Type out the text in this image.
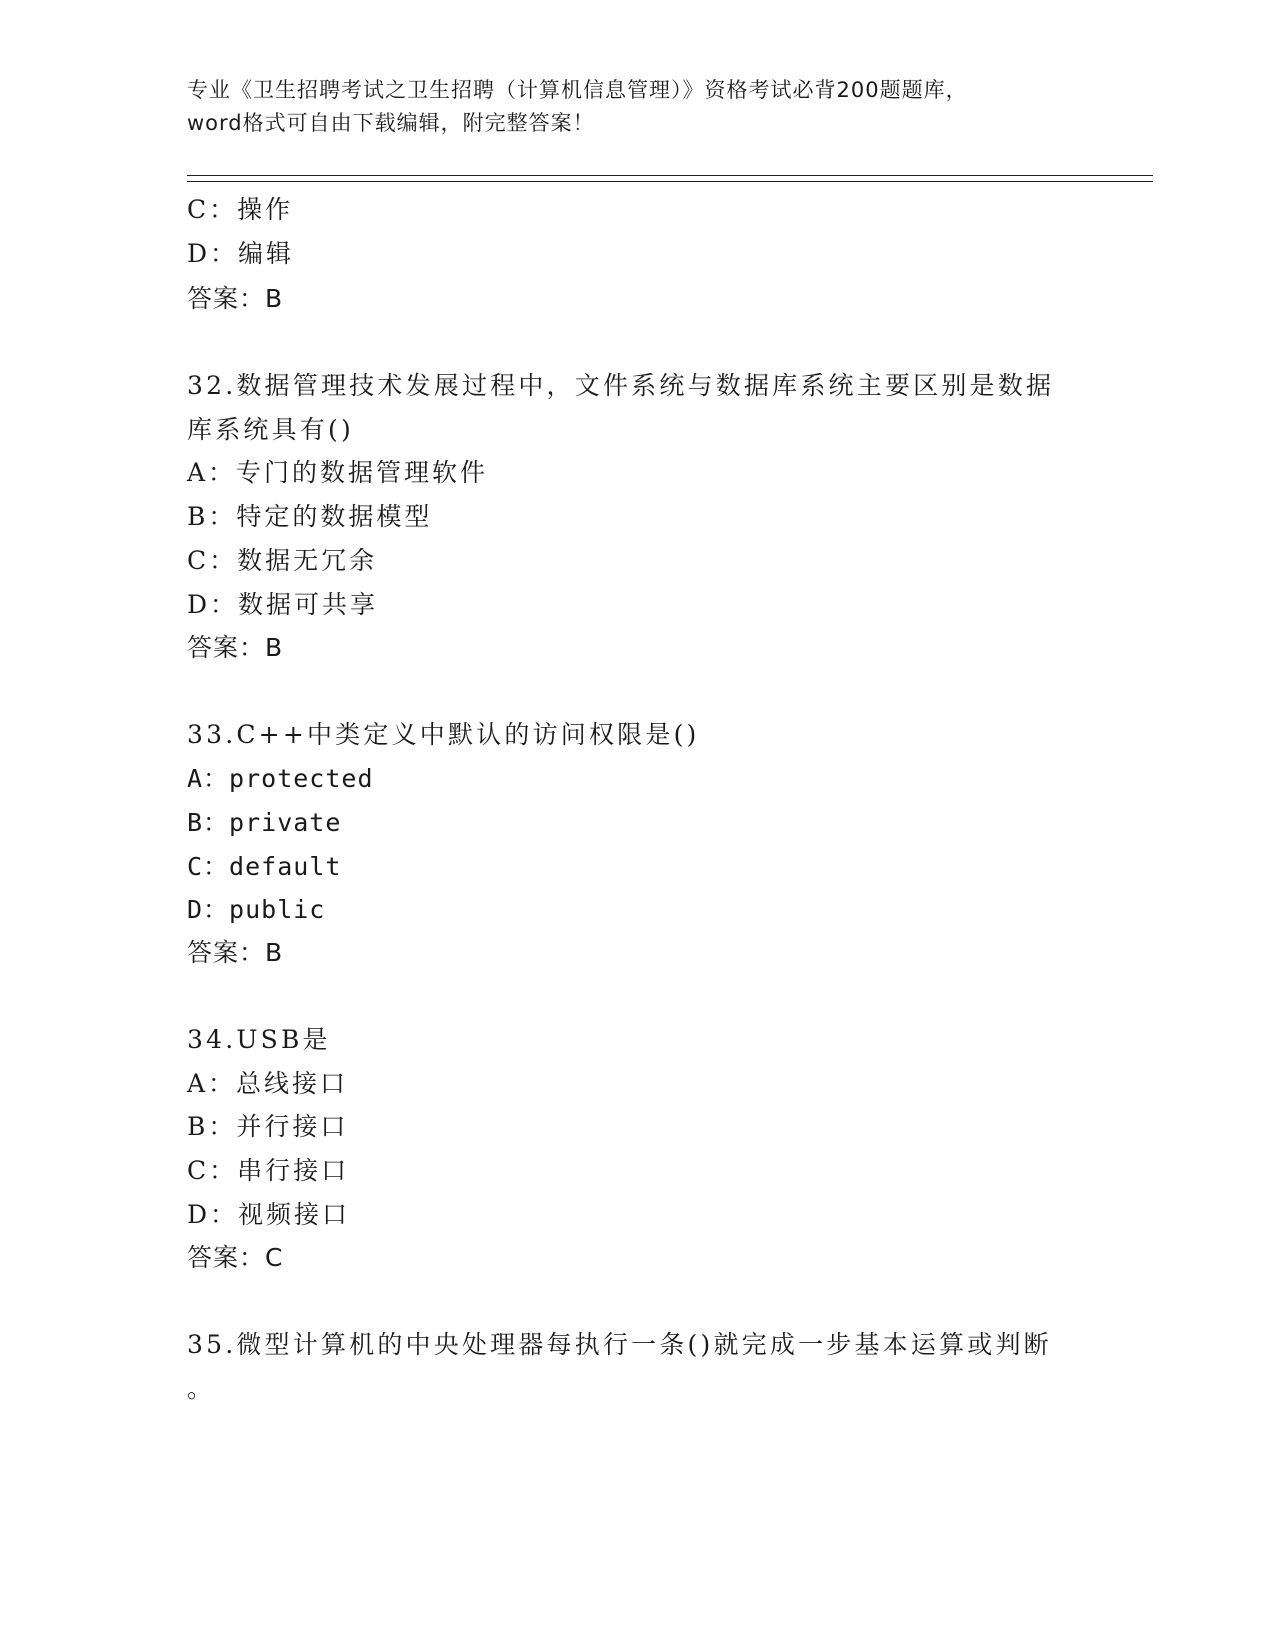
专业《卫生招聘考试之卫生招聘（计算机信息管理）》资格考试必背200题题库，
word格式可自由下载编辑，附完整答案！
C：操作
D：编辑
答案：B
32.数据管理技术发展过程中，文件系统与数据库系统主要区别是数据
库系统具有()
A：专门的数据管理软件
B：特定的数据模型
C：数据无冗余
D：数据可共享
答案：B
33.C++中类定义中默认的访问权限是()
A：protected
B：private
C：default
D：public
答案：B
34.USB是
A：总线接口
B：并行接口
C：串行接口
D：视频接口
答案：C
35.微型计算机的中央处理器每执行一条()就完成一步基本运算或判断
。
